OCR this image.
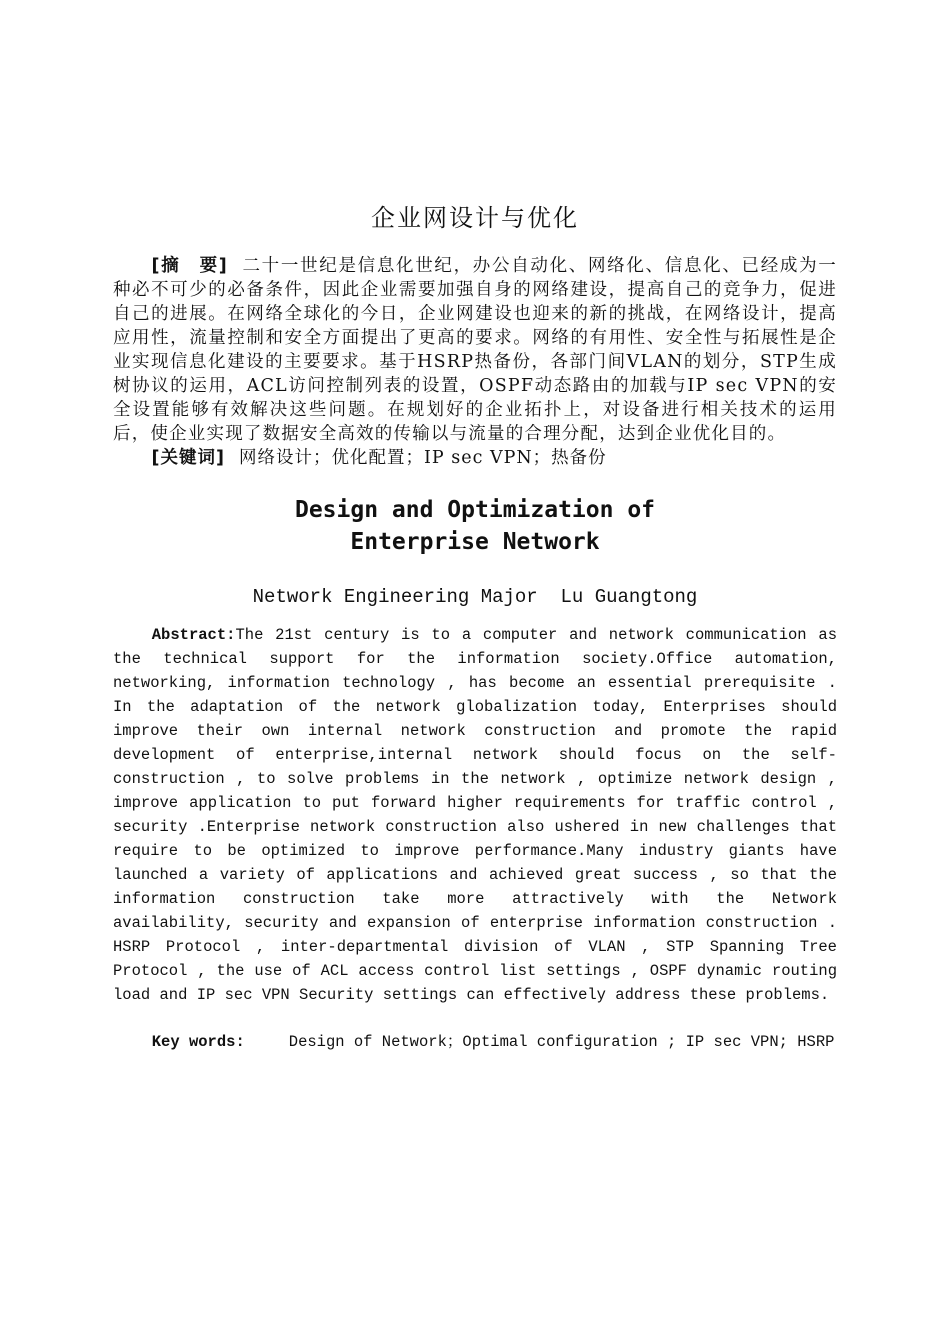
企业网设计与优化
[摘　要] 二十一世纪是信息化世纪，办公自动化、网络化、信息化、已经成为一种必不可少的必备条件，因此企业需要加强自身的网络建设，提高自己的竞争力，促进自己的进展。在网络全球化的今日，企业网建设也迎来的新的挑战，在网络设计，提高应用性，流量控制和安全方面提出了更高的要求。网络的有用性、安全性与拓展性是企业实现信息化建设的主要要求。基于HSRP热备份，各部门间VLAN的划分，STP生成树协议的运用，ACL访问控制列表的设置，OSPF动态路由的加载与IP sec VPN的安全设置能够有效解决这些问题。在规划好的企业拓扑上，对设备进行相关技术的运用后，使企业实现了数据安全高效的传输以与流量的合理分配，达到企业优化目的。
[关键词] 网络设计；优化配置；IP sec VPN；热备份
Design and Optimization of
Enterprise Network
Network Engineering Major  Lu Guangtong
Abstract:The 21st century is to a computer and network communication as the technical support for the information society.Office automation, networking, information technology , has become an essential prerequisite . In the adaptation of the network globalization today, Enterprises should improve their own internal network construction and promote the rapid development of enterprise,internal network should focus on the self-construction , to solve problems in the network , optimize network design , improve application to put forward higher requirements for traffic control , security .Enterprise network construction also ushered in new challenges that require to be optimized to improve performance.Many industry giants have launched a variety of applications and achieved great success , so that the information construction take more attractively with the Network availability, security and expansion of enterprise information construction . HSRP Protocol , inter-departmental division of VLAN , STP Spanning Tree Protocol , the use of ACL access control list settings , OSPF dynamic routing load and IP sec VPN Security settings can effectively address these problems.
Key words:	Design of Network；Optimal configuration ; IP sec VPN; HSRP
